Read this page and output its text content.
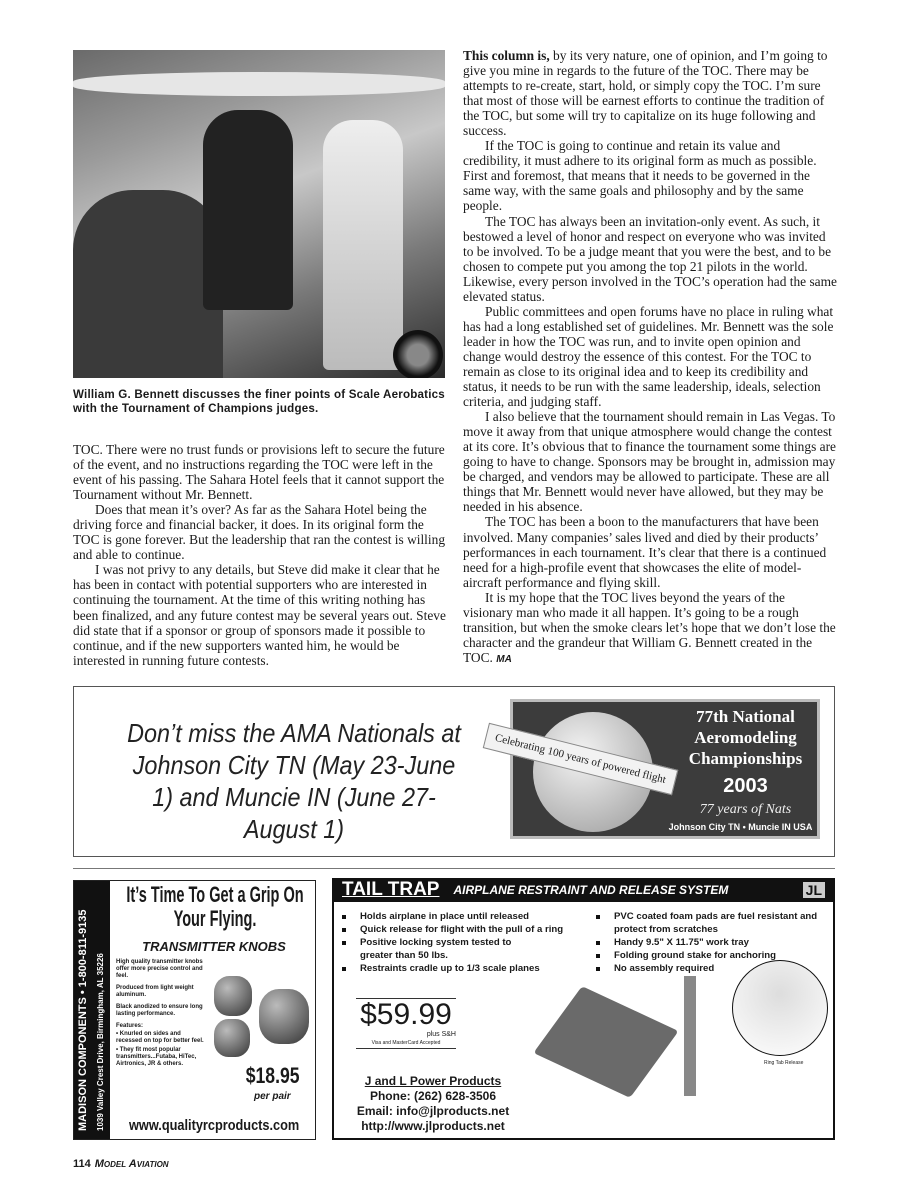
William G. Bennett discusses the finer points of Scale Aerobatics with the Tournament of Champions judges.

TOC. There were no trust funds or provisions left to secure the future of the event, and no instructions regarding the TOC were left in the event of his passing. The Sahara Hotel feels that it cannot support the Tournament without Mr. Bennett.

Does that mean it’s over? As far as the Sahara Hotel being the driving force and financial backer, it does. In its original form the TOC is gone forever. But the leadership that ran the contest is willing and able to continue.

I was not privy to any details, but Steve did make it clear that he has been in contact with potential supporters who are interested in continuing the tournament. At the time of this writing nothing has been finalized, and any future contest may be several years out. Steve did state that if a sponsor or group of sponsors made it possible to continue, and if the new supporters wanted him, he would be interested in running future contests.

This column is, by its very nature, one of opinion, and I’m going to give you mine in regards to the future of the TOC. There may be attempts to re-create, start, hold, or simply copy the TOC. I’m sure that most of those will be earnest efforts to continue the tradition of the TOC, but some will try to capitalize on its huge following and success.

If the TOC is going to continue and retain its value and credibility, it must adhere to its original form as much as possible. First and foremost, that means that it needs to be governed in the same way, with the same goals and philosophy and by the same people.

The TOC has always been an invitation-only event. As such, it bestowed a level of honor and respect on everyone who was invited to be involved. To be a judge meant that you were the best, and to be chosen to compete put you among the top 21 pilots in the world. Likewise, every person involved in the TOC’s operation had the same elevated status.

Public committees and open forums have no place in ruling what has had a long established set of guidelines. Mr. Bennett was the sole leader in how the TOC was run, and to invite open opinion and change would destroy the essence of this contest. For the TOC to remain as close to its original idea and to keep its credibility and status, it needs to be run with the same leadership, ideals, selection criteria, and judging staff.

I also believe that the tournament should remain in Las Vegas. To move it away from that unique atmosphere would change the contest at its core. It’s obvious that to finance the tournament some things are going to have to change. Sponsors may be brought in, admission may be charged, and vendors may be allowed to participate. These are all things that Mr. Bennett would never have allowed, but they may be needed in his absence.

The TOC has been a boon to the manufacturers that have been involved. Many companies’ sales lived and died by their products’ performances in each tournament. It’s clear that there is a continued need for a high-profile event that showcases the elite of model-aircraft performance and flying skill.

It is my hope that the TOC lives beyond the years of the visionary man who made it all happen. It’s going to be a rough transition, but when the smoke clears let’s hope that we don’t lose the character and the grandeur that William G. Bennett created in the TOC. MA

Don’t miss the AMA Nationals at Johnson City TN (May 23-June 1) and Muncie IN (June 27-August 1)
Celebrating 100 years of powered flight
77th National Aeromodeling Championships
2003
77 years of Nats
Johnson City TN • Muncie IN USA
MADISON COMPONENTS • 1-800-811-9135 1039 Valley Crest Drive, Birmingham, AL 35226
It’s Time To Get a Grip On Your Flying.
TRANSMITTER KNOBS
High quality transmitter knobs offer more precise control and feel.
Produced from light weight aluminum.
Black anodized to ensure long lasting performance.
Features:
• Knurled on sides and recessed on top for better feel.
• They fit most popular transmitters...Futaba, HiTec, Airtronics, JR & others.	$18.95
per pair
www.qualityrcproducts.com
TAIL TRAP AIRPLANE RESTRAINT AND RELEASE SYSTEM	JL
Holds airplane in place until released
Quick release for flight with the pull of a ring
Positive locking system tested to greater than 50 lbs.
Restraints cradle up to 1/3 scale planes
PVC coated foam pads are fuel resistant and protect from scratches
Handy 9.5" X 11.75" work tray
Folding ground stake for anchoring
No assembly required
$59.99
plus S&H
Visa and MasterCard Accepted
Ring Tab Release
J and L Power Products
Phone: (262) 628-3506
Email: info@jlproducts.net
http://www.jlproducts.net
114 Model Aviation
